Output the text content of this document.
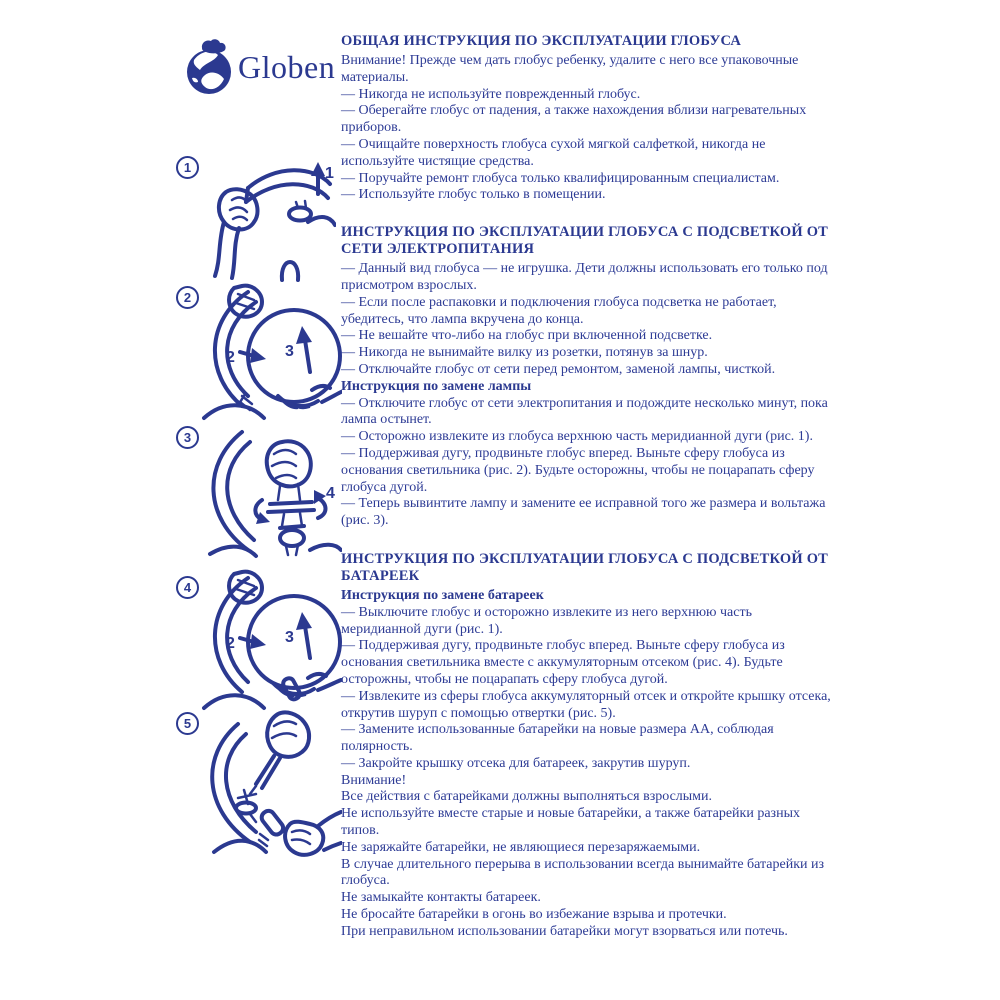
Globen
1	1
2
2	3
3
4
4
2	3
5
ОБЩАЯ ИНСТРУКЦИЯ ПО ЭКСПЛУАТАЦИИ ГЛОБУСА

Внимание! Прежде чем дать глобус ребенку, удалите с него все упаковочные материалы.

— Никогда не используйте поврежденный глобус.

— Оберегайте глобус от падения, а также нахождения вблизи нагревательных приборов.

— Очищайте поверхность глобуса сухой мягкой салфеткой, никогда не используйте чистящие средства.

— Поручайте ремонт глобуса только квалифицированным специалистам.

— Используйте глобус только в помещении.

ИНСТРУКЦИЯ ПО ЭКСПЛУАТАЦИИ ГЛОБУСА С ПОДСВЕТКОЙ ОТ СЕТИ ЭЛЕКТРОПИТАНИЯ

— Данный вид глобуса — не игрушка. Дети должны использовать его только под присмотром взрослых.

— Если после распаковки и подключения глобуса подсветка не работает, убедитесь, что лампа вкручена до конца.

— Не вешайте что-либо на глобус при включенной подсветке.

— Никогда не вынимайте вилку из розетки, потянув за шнур.

— Отключайте глобус от сети перед ремонтом, заменой лампы, чисткой.

Инструкция по замене лампы

— Отключите глобус от сети электропитания и подождите несколько минут, пока лампа остынет.

— Осторожно извлеките из глобуса верхнюю часть меридианной дуги (рис. 1).

— Поддерживая дугу, продвиньте глобус вперед. Выньте сферу глобуса из основания светильника (рис. 2). Будьте осторожны, чтобы не поцарапать сферу глобуса дугой.

— Теперь вывинтите лампу и замените ее исправной того же размера и вольтажа (рис. 3).

ИНСТРУКЦИЯ ПО ЭКСПЛУАТАЦИИ ГЛОБУСА С ПОДСВЕТКОЙ ОТ БАТАРЕЕК
Инструкция по замене батареек

— Выключите глобус и осторожно извлеките из него верхнюю часть меридианной дуги (рис. 1).

— Поддерживая дугу, продвиньте глобус вперед. Выньте сферу глобуса из основания светильника вместе с аккумуляторным отсеком (рис. 4). Будьте осторожны, чтобы не поцарапать сферу глобуса дугой.

— Извлеките из сферы глобуса аккумуляторный отсек и откройте крышку отсека, открутив шуруп с помощью отвертки (рис. 5).

— Замените использованные батарейки на новые размера АА, соблюдая полярность.

— Закройте крышку отсека для батареек, закрутив шуруп.

Внимание!

Все действия с батарейками должны выполняться взрослыми.

Не используйте вместе старые и новые батарейки, а также батарейки разных типов.

Не заряжайте батарейки, не являющиеся перезаряжаемыми.

В случае длительного перерыва в использовании всегда вынимайте батарейки из глобуса.

Не замыкайте контакты батареек.

Не бросайте батарейки в огонь во избежание взрыва и протечки.

При неправильном использовании батарейки могут взорваться или потечь.
